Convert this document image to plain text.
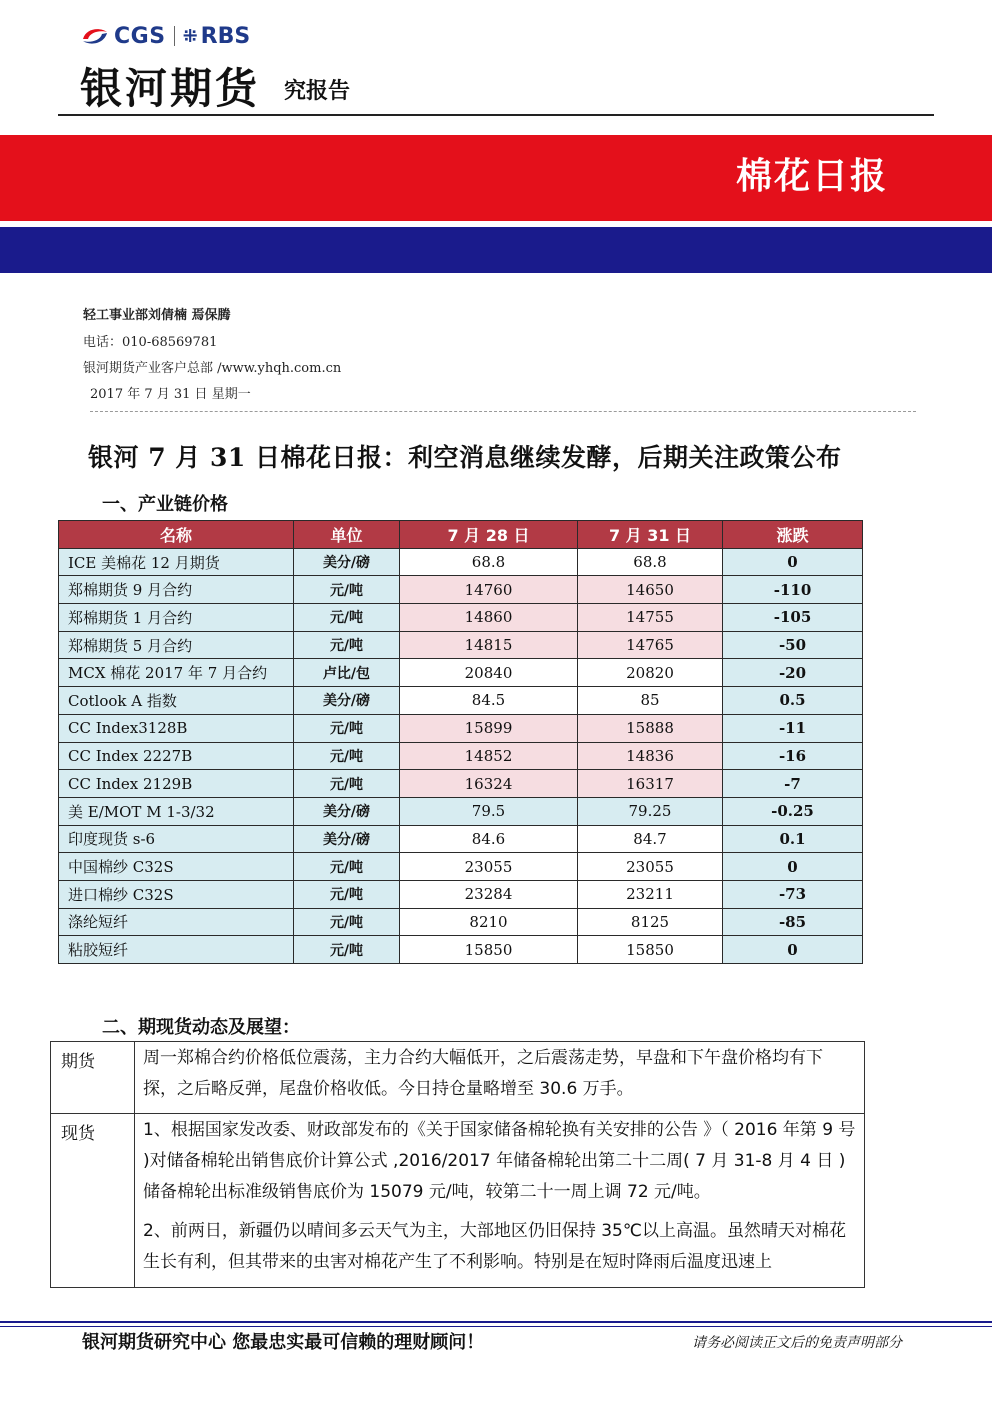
CGS ⁜ RBS
银河期货 究报告
棉花日报
轻工事业部刘倩楠 焉保腾
电话：010-68569781
银河期货产业客户总部 /www.yhqh.com.cn
2017 年 7 月 31 日 星期一
银河 7 月 31 日棉花日报：利空消息继续发酵，后期关注政策公布
一、产业链价格
名称	单位	7 月 28 日	7 月 31 日	涨跌
ICE 美棉花 12 月期货	美分/磅	68.8	68.8	0
郑棉期货 9 月合约	元/吨	14760	14650	-110
郑棉期货 1 月合约	元/吨	14860	14755	-105
郑棉期货 5 月合约	元/吨	14815	14765	-50
MCX 棉花 2017 年 7 月合约	卢比/包	20840	20820	-20
Cotlook A 指数	美分/磅	84.5	85	0.5
CC Index3128B	元/吨	15899	15888	-11
CC Index 2227B	元/吨	14852	14836	-16
CC Index 2129B	元/吨	16324	16317	-7
美 E/MOT M 1-3/32	美分/磅	79.5	79.25	-0.25
印度现货 s-6	美分/磅	84.6	84.7	0.1
中国棉纱 C32S	元/吨	23055	23055	0
进口棉纱 C32S	元/吨	23284	23211	-73
涤纶短纤	元/吨	8210	8125	-85
粘胶短纤	元/吨	15850	15850	0
二、期现货动态及展望：
期货	周一郑棉合约价格低位震荡，主力合约大幅低开，之后震荡走势，早盘和下午盘价格均有下探，之后略反弹，尾盘价格收低。今日持仓量略增至 30.6 万手。
现货	1、根据国家发改委、财政部发布的《关于国家储备棉轮换有关安排的公告 》（ 2016 年第 9 号 )对储备棉轮出销售底价计算公式 ,2016/2017 年储备棉轮出第二十二周( 7 月 31-8 月 4 日 ) 储备棉轮出标准级销售底价为 15079 元/吨，较第二十一周上调 72 元/吨。

2、前两日，新疆仍以晴间多云天气为主，大部地区仍旧保持 35℃以上高温。虽然晴天对棉花生长有利，但其带来的虫害对棉花产生了不利影响。特别是在短时降雨后温度迅速上

银河期货研究中心 您最忠实最可信赖的理财顾问！	请务必阅读正文后的免责声明部分
